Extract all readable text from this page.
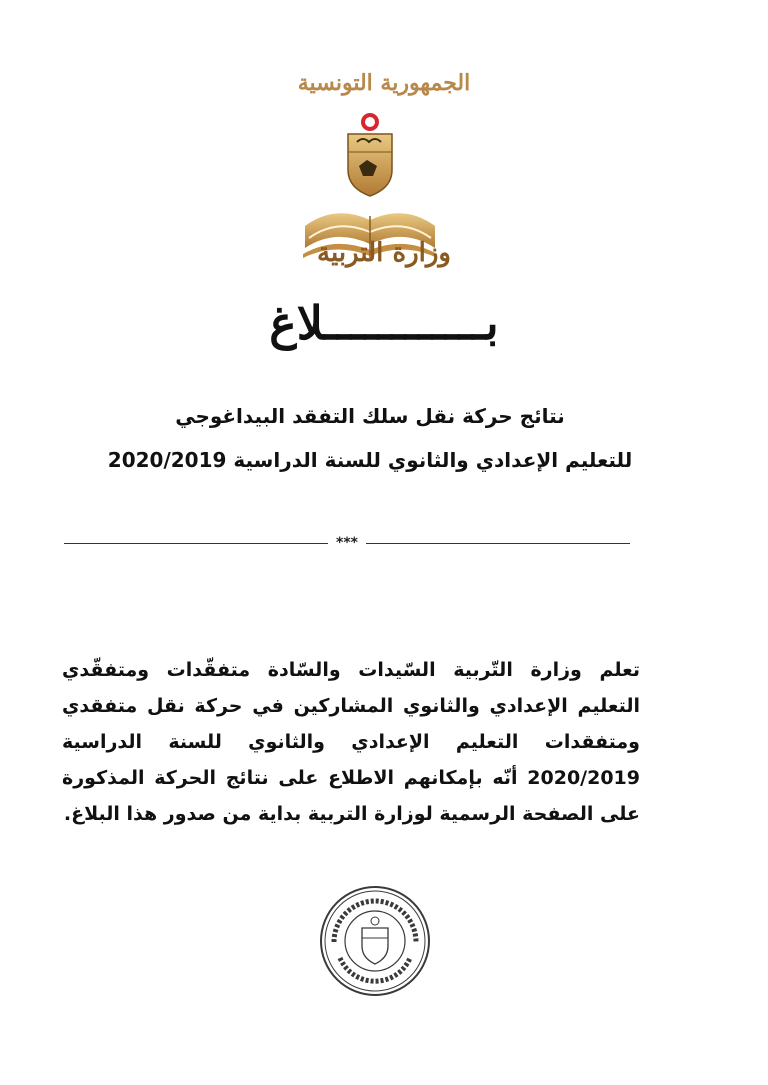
الجمهورية التونسية
وزارة التربية
بــــــــــــلاغ
نتائج حركة نقل سلك التفقد البيداغوجي
للتعليم الإعدادي والثانوي للسنة الدراسية 2020/2019
***
تعلم وزارة التّربية السّيدات والسّادة متفقّدات ومتفقّدي التعليم الإعدادي والثانوي المشاركين في حركة نقل متفقدي ومتفقدات التعليم الإعدادي والثانوي للسنة الدراسية 2020/2019 أنّه بإمكانهم الاطلاع على نتائج الحركة المذكورة على الصفحة الرسمية لوزارة التربية بداية من صدور هذا البلاغ.
